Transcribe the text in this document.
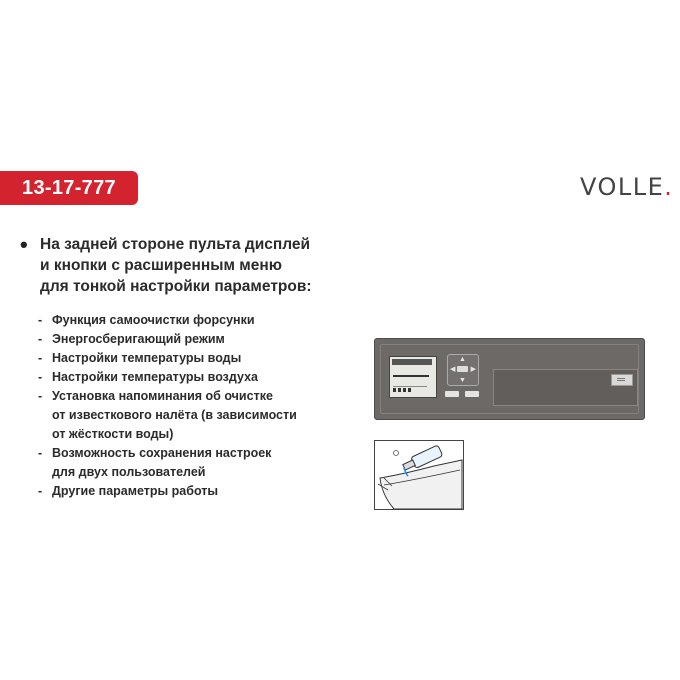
13-17-777	VOLLE.
• На задней стороне пульта дисплей
и кнопки с расширенным меню
для тонкой настройки параметров:
- Функция самоочистки форсунки
- Энергосберигающий режим
- Настройки температуры воды
- Настройки температуры воздуха
- Установка напоминания об очистке
от известкового налёта (в зависимости
от жёсткости воды)
- Возможность сохранения настроек
для двух пользователей
- Другие параметры работы
▲
▼
◀ ▶
